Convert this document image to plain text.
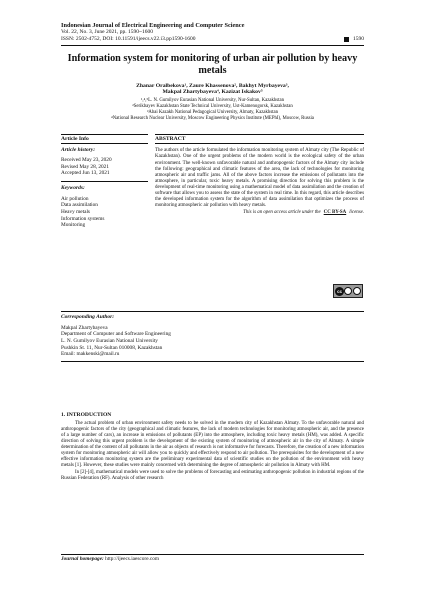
Indonesian Journal of Electrical Engineering and Computer Science
Vol. 22, No. 3, June 2021, pp. 1590~1600
ISSN: 2502-4752, DOI: 10.11591/ijeecs.v22.i3.pp1590-1600	1590
Information system for monitoring of urban air pollution by heavy metals
Zhanar Oralbekova¹, Zaure Khassenova², Bakhyt Myrbayeva³,
Makpal Zhartybayeva⁴, Kazizat Iskakov⁵
¹,⁴,⁵L. N. Gumilyov Eurasian National University, Nur-Sultan, Kazakhstan
²Serikbayev Kazakhstan State Technical University, Ust-Kamenogorsk, Kazakhstan
³Abai Kazakh National Pedagogical University, Almaty, Kazakhstan
⁴National Research Nuclear University, Moscow Engineering Physics Institute (MEPhI), Moscow, Russia
Article Info
Article history:
Received May 23, 2020
Revised May 28, 2021
Accepted Jun 13, 2021
Keywords:
Air pollution
Data assimilation
Heavy metals
Information systems
Monitoring
ABSTRACT
The authors of the article formulated the information monitoring system of Almaty city (The Republic of Kazakhstan). One of the urgent problems of the modern world is the ecological safety of the urban environment. The well-known unfavorable natural and anthropogenic factors of the Almaty city include the following: geographical and climatic features of the area, the lack of technologies for monitoring atmospheric air and traffic jams. All of the above factors increase the emissions of pollutants into the atmosphere, in particular, toxic heavy metals. A promising direction for solving this problem is the development of real-time monitoring using a mathematical model of data assimilation and the creation of software that allows you to assess the state of the system in real time. In this regard, this article describes the developed information system for the algorithm of data assimilation that optimizes the process of monitoring atmospheric air pollution with heavy metals.
This is an open access article under the CC BY-SA license.
cc
Corresponding Author:
Makpal Zhartybayeva
Department of Computer and Software Engineering
L. N. Gumilyov Eurasian National University
Pushkin St. 11, Nur-Sultan 010008, Kazakhstan
Email: makkenski@mail.ru
1. INTRODUCTION

The actual problem of urban environment safety needs to be solved in the modern city of Kazakhstan Almaty. To the unfavorable natural and anthropogenic factors of the city (geographical and climatic features, the lack of modern technologies for monitoring atmospheric air, and the presence of a large number of cars), an increase in emissions of pollutants (EP) into the atmosphere, including toxic heavy metals (HM), was added. A specific direction of solving this urgent problem is the development of the existing system of monitoring of atmospheric air in the city of Almaty. A simple determination of the content of all pollutants in the air as objects of research is not informative for forecasts. Therefore, the creation of a new information system for monitoring atmospheric air will allow you to quickly and effectively respond to air pollution. The prerequisites for the development of a new effective information monitoring system are the preliminary experimental data of scientific studies on the pollution of the environment with heavy metals [1]. However, these studies were mainly concerned with determining the degree of atmospheric air pollution in Almaty with HM.

In [2]-[4], mathematical models were used to solve the problems of forecasting and estimating anthropogenic pollution in industrial regions of the Russian Federation (RF). Analysis of other research

Journal homepage: http://ijeecs.iaescore.com
